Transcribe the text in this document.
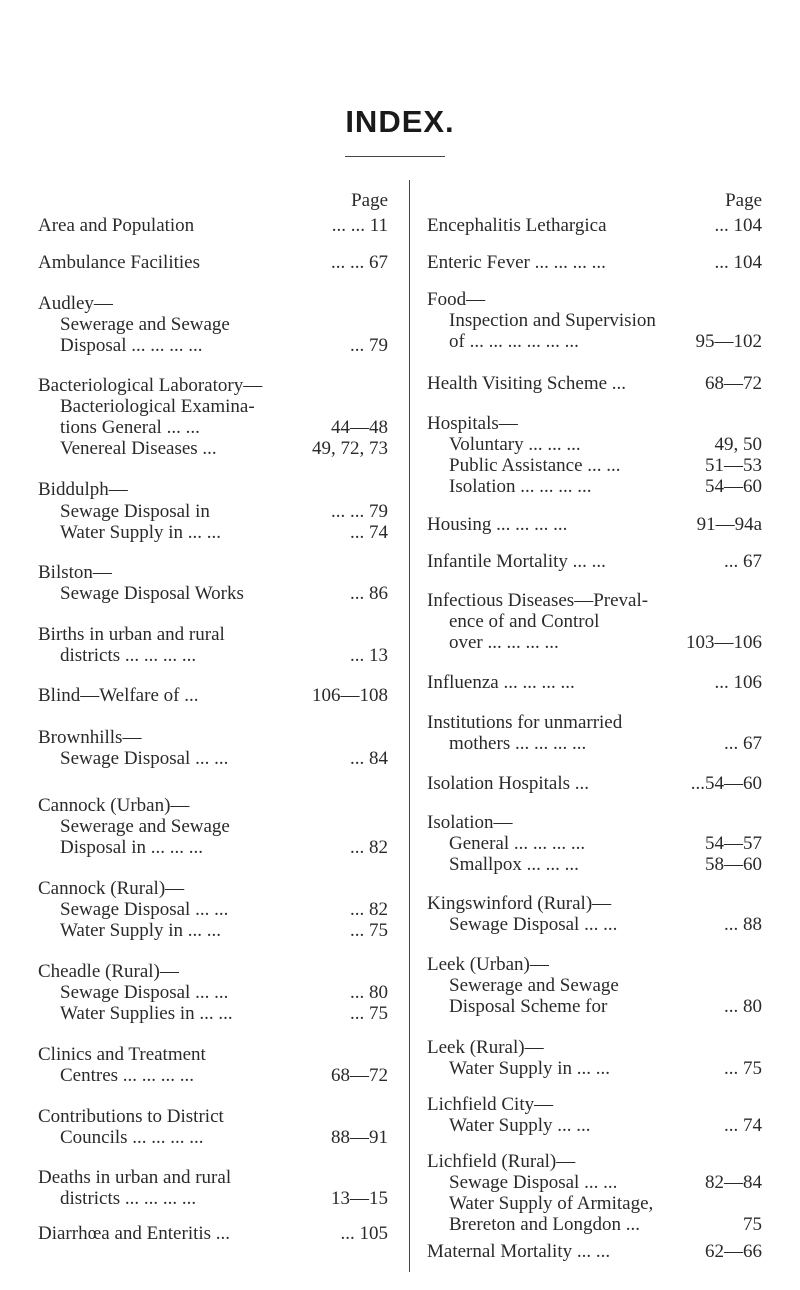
INDEX.
Page
Area and Population	... ... 11
Ambulance Facilities	... ... 67
Audley—
Sewerage and Sewage
Disposal ... ... ... ...	... 79
Bacteriological Laboratory—
Bacteriological Examina-
tions General ... ...	44—48
Venereal Diseases ...	49, 72, 73
Biddulph—
Sewage Disposal in	... ... 79
Water Supply in ... ...	... 74
Bilston—
Sewage Disposal Works	... 86
Births in urban and rural
districts ... ... ... ...	... 13
Blind—Welfare of ...	106—108
Brownhills—
Sewage Disposal ... ...	... 84
Cannock (Urban)—
Sewerage and Sewage
Disposal in ... ... ...	... 82
Cannock (Rural)—
Sewage Disposal ... ...	... 82
Water Supply in ... ...	... 75
Cheadle (Rural)—
Sewage Disposal ... ...	... 80
Water Supplies in ... ...	... 75
Clinics and Treatment
Centres ... ... ... ...	68—72
Contributions to District
Councils ... ... ... ...	88—91
Deaths in urban and rural
districts ... ... ... ...	13—15
Diarrhœa and Enteritis ...	... 105
Page
Encephalitis Lethargica	... 104
Enteric Fever ... ... ... ...	... 104
Food—
Inspection and Supervision
of ... ... ... ... ... ...	95—102
Health Visiting Scheme ...	68—72
Hospitals—
Voluntary ... ... ...	49, 50
Public Assistance ... ...	51—53
Isolation ... ... ... ...	54—60
Housing ... ... ... ...	91—94a
Infantile Mortality ... ...	... 67
Infectious Diseases—Preval-
ence of and Control
over ... ... ... ...	103—106
Influenza ... ... ... ...	... 106
Institutions for unmarried
mothers ... ... ... ...	... 67
Isolation Hospitals ...	...54—60
Isolation—
General ... ... ... ...	54—57
Smallpox ... ... ...	58—60
Kingswinford (Rural)—
Sewage Disposal ... ...	... 88
Leek (Urban)—
Sewerage and Sewage
Disposal Scheme for	... 80
Leek (Rural)—
Water Supply in ... ...	... 75
Lichfield City—
Water Supply ... ...	... 74
Lichfield (Rural)—
Sewage Disposal ... ...	82—84
Water Supply of Armitage,
Brereton and Longdon ...	75
Maternal Mortality ... ...	62—66
